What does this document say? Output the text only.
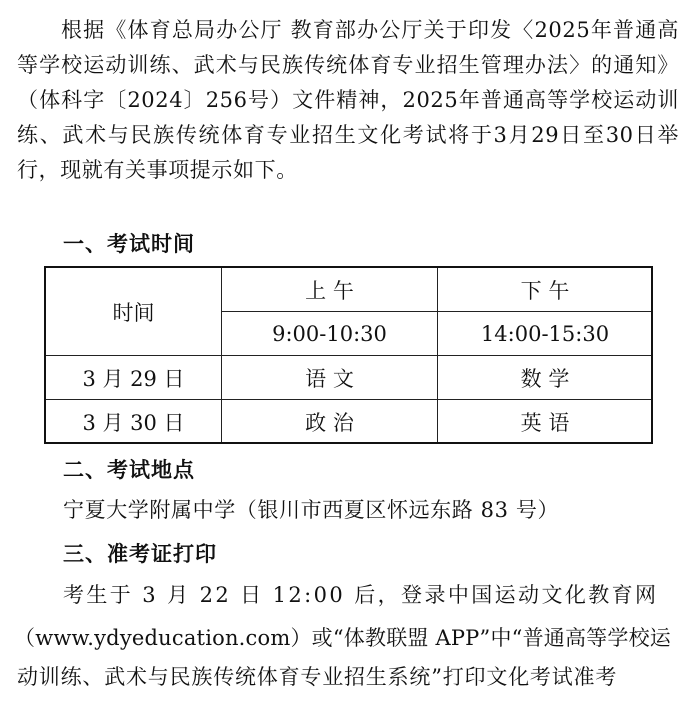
根据《体育总局办公厅 教育部办公厅关于印发〈2025年普通高等学校运动训练、武术与民族传统体育专业招生管理办法〉的通知》（体科字〔2024〕256号）文件精神，2025年普通高等学校运动训练、武术与民族传统体育专业招生文化考试将于3月29日至30日举行，现就有关事项提示如下。

一、考试时间
时间	上 午	下 午
	9:00-10:30	14:00-15:30
3 月 29 日	语 文	数 学
3 月 30 日	政 治	英 语
二、考试地点
宁夏大学附属中学（银川市西夏区怀远东路 83 号）
三、准考证打印
考生于 3 月 22 日 12:00 后，登录中国运动文化教育网
（www.ydyeducation.com）或“体教联盟 APP”中“普通高等学校运
动训练、武术与民族传统体育专业招生系统”打印文化考试准考
